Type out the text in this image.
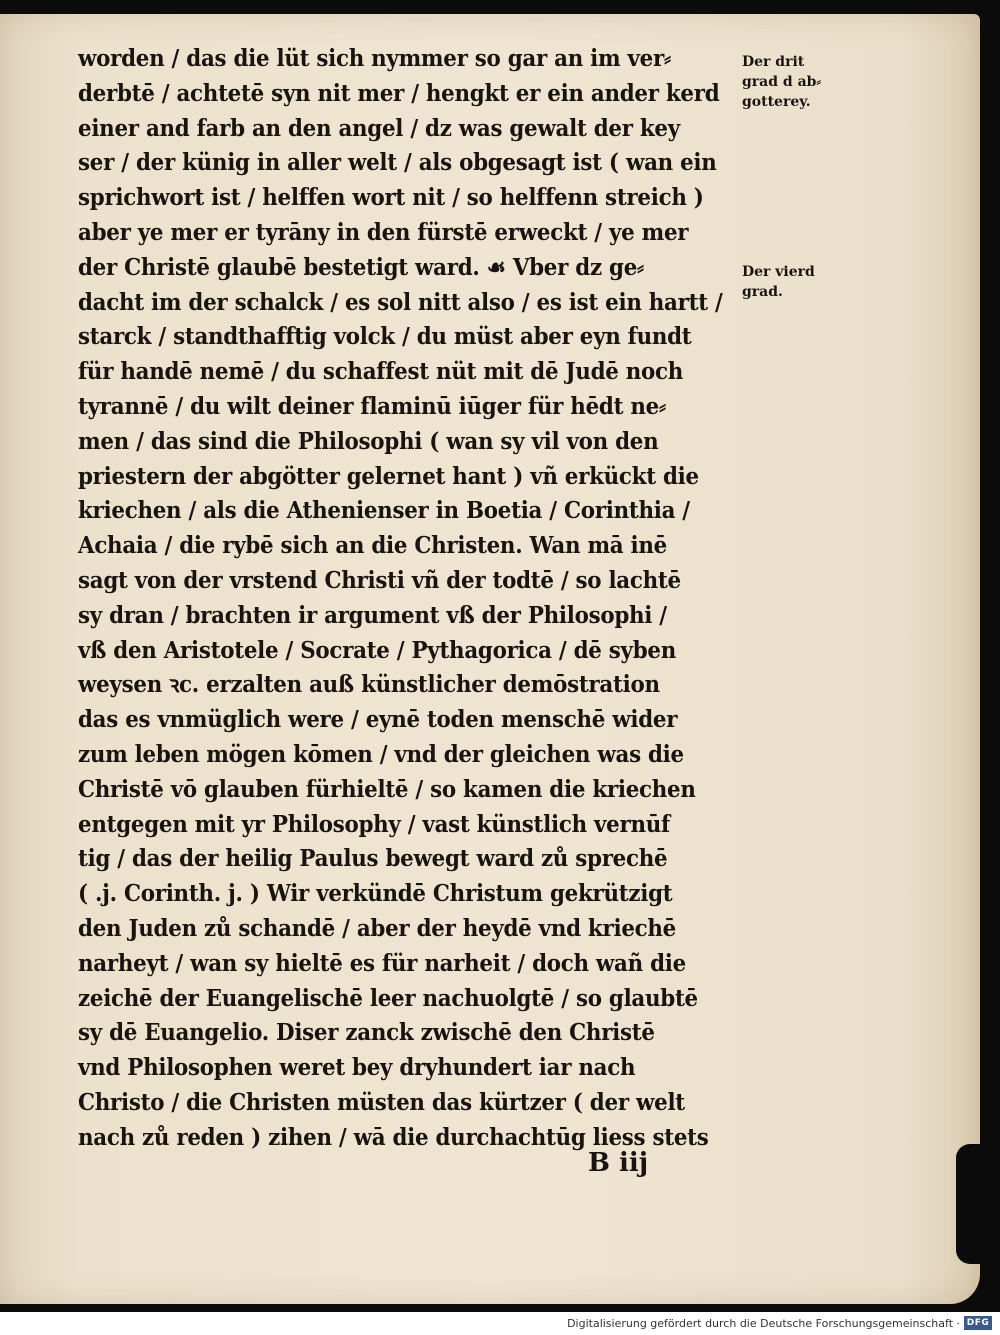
worden / das die lüt sich nymmer so gar an im ver⸗
derbtē / achtetē syn nit mer / hengkt er ein ander kerd
einer and farb an den angel / dz was gewalt der key
ser / der künig in aller welt / als obgesagt ist ( wan ein
sprichwort ist / helffen wort nit / so helffenn streich )
aber ye mer er tyrāny in den fürstē erweckt / ye mer
der Christē glaubē bestetigt ward. ☙ Vber dz ge⸗
dacht im der schalck / es sol nitt also / es ist ein hartt /
starck / standthafftig volck / du müst aber eyn fundt
für handē nemē / du schaffest nüt mit dē Judē noch
tyrannē / du wilt deiner flaminū iūger für hēdt ne⸗
men / das sind die Philosophi ( wan sy vil von den
priestern der abgötter gelernet hant ) vñ erkückt die
kriechen / als die Athenienser in Boetia / Corinthia /
Achaia / die rybē sich an die Christen. Wan mā inē
sagt von der vrstend Christi vñ der todtē / so lachtē
sy dran / brachten ir argument vß der Philosophi /
vß den Aristotele / Socrate / Pythagorica / dē syben
weysen ꝛc. erzalten auß künstlicher demōstration
das es vnmüglich were / eynē toden menschē wider
zum leben mögen kōmen / vnd der gleichen was die
Christē vō glauben fürhieltē / so kamen die kriechen
entgegen mit yr Philosophy / vast künstlich vernūf
tig / das der heilig Paulus bewegt ward zů sprechē
( .j. Corinth. j. ) Wir verkündē Christum gekrützigt
den Juden zů schandē / aber der heydē vnd kriechē
narheyt / wan sy hieltē es für narheit / doch wañ die
zeichē der Euangelischē leer nachuolgtē / so glaubtē
sy dē Euangelio. Diser zanck zwischē den Christē
vnd Philosophen weret bey dryhundert iar nach
Christo / die Christen müsten das kürtzer ( der welt
nach zů reden ) zihen / wā die durchachtūg liess stets
B iij
Der drit
grad d ab⸗
gotterey.
Der vierd
grad.
Digitalisierung gefördert durch die Deutsche Forschungsgemeinschaft · DFG
